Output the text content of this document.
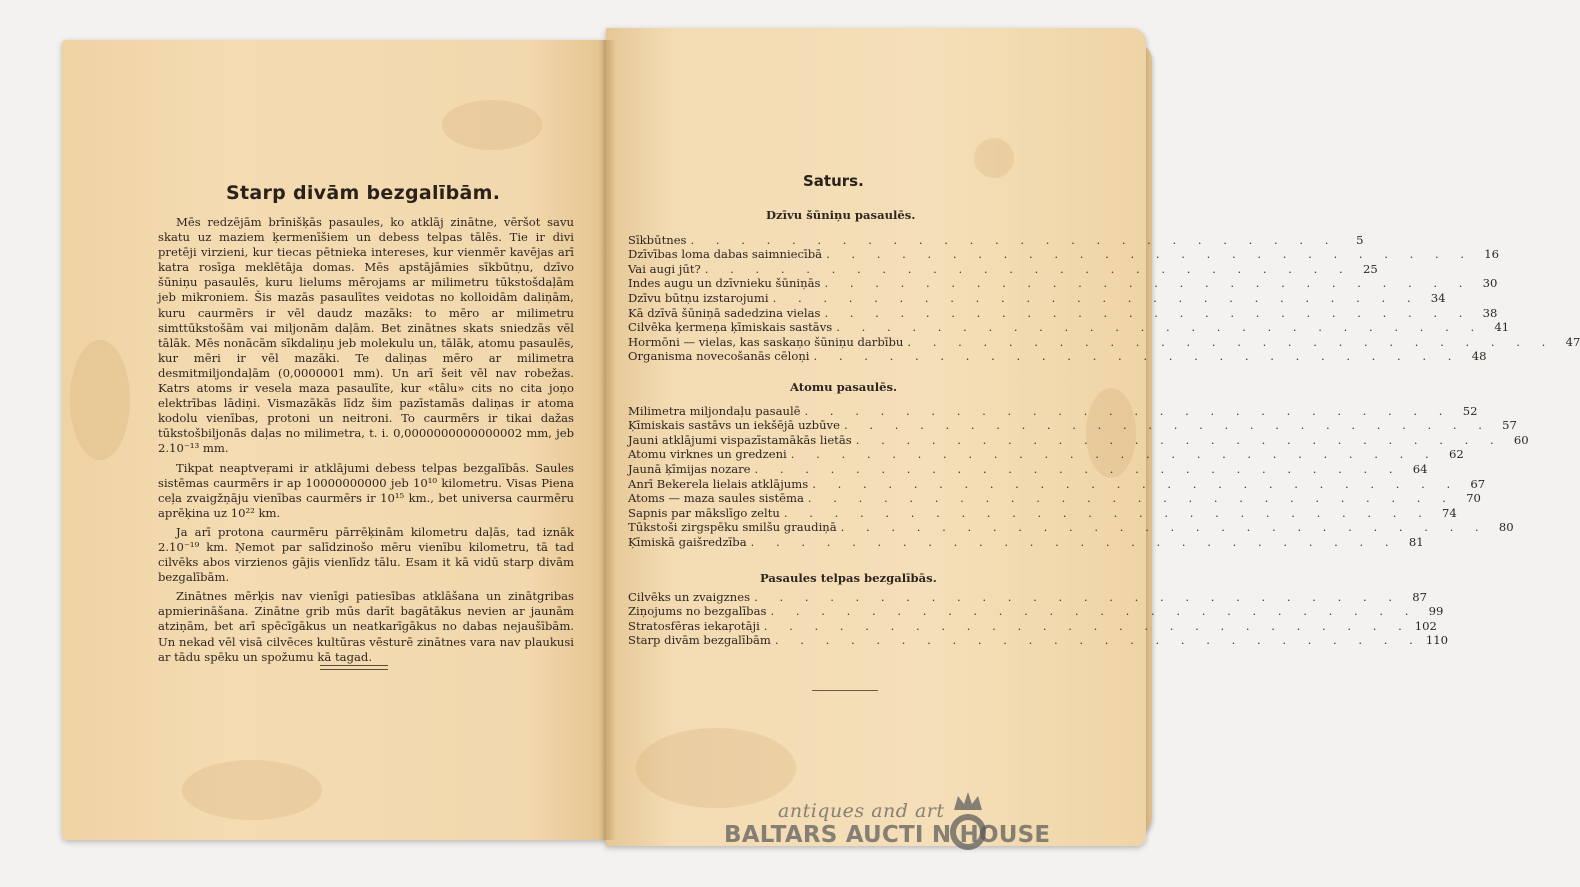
Starp divām bezgalībām.

Mēs redzējām brīnišķās pasaules, ko atklāj zinātne, vēršot savu skatu uz maziem ķermenīšiem un debess telpas tālēs. Tie ir divi pretēji virzieni, kur tiecas pētnieka intereses, kur vienmēr kavējas arī katra rosīga meklētāja domas. Mēs apstājāmies sīkbūtņu, dzīvo šūniņu pasaulēs, kuru lielums mērojams ar milimetru tūkstošdaļām jeb mikroniem. Šis mazās pasaulītes veidotas no kolloidām daliņām, kuru caurmērs ir vēl daudz mazāks: to mēro ar milimetru simttūkstošām vai miljonām daļām. Bet zinātnes skats sniedzās vēl tālāk. Mēs nonācām sīkdaliņu jeb molekulu un, tālāk, atomu pasaulēs, kur mēri ir vēl mazāki. Te daliņas mēro ar milimetra desmitmiljondaļām (0,0000001 mm). Un arī šeit vēl nav robežas. Katrs atoms ir vesela maza pasaulīte, kur «tālu» cits no cita joņo elektrības lādiņi. Vismazākās līdz šim pazīstamās daliņas ir atoma kodolu vienības, protoni un neitroni. To caurmērs ir tikai dažas tūkstošbiljonās daļas no milimetra, t. i. 0,0000000000000002 mm, jeb 2.10⁻¹³ mm.

Tikpat neaptveŗami ir atklājumi debess telpas bezgalībās. Saules sistēmas caurmērs ir ap 10000000000 jeb 10¹⁰ kilometru. Visas Piena ceļa zvaigžņāju vienības caurmērs ir 10¹⁵ km., bet universa caurmēru aprēķina uz 10²² km.

Ja arī protona caurmēru pārrēķinām kilometru daļās, tad iznāk 2.10⁻¹⁹ km. Ņemot par salīdzinošo mēru vienību kilometru, tā tad cilvēks abos virzienos gājis vienlīdz tālu. Esam it kā vidū starp divām bezgalībām.

Zinātnes mērķis nav vienīgi patiesības atklāšana un zinātgribas apmierināšana. Zinātne grib mūs darīt bagātākus nevien ar jaunām atziņām, bet arī spēcīgākus un neatkarīgākus no dabas nejaušībām. Un nekad vēl visā cilvēces kultūras vēsturē zinātnes vara nav plaukusi ar tādu spēku un spožumu kā tagad.

Saturs.
Dzīvu šūniņu pasaulēs.
Sīkbūtnes . . . . . . . . . . . . . . . . . . . . . . . . . .	5
Dzīvības loma dabas saimniecībā . . . . . . . . . . . . . . . . . . . . . . . . . . 16
Vai augi jūt? . . . . . . . . . . . . . . . . . . . . . . . . . . 25
Indes augu un dzīvnieku šūniņās . . . . . . . . . . . . . . . . . . . . . . . . . . 30
Dzīvu būtņu izstarojumi . . . . . . . . . . . . . . . . . . . . . . . . . . 34
Kā dzīvā šūniņā sadedzina vielas . . . . . . . . . . . . . . . . . . . . . . . . . . 38
Cilvēka ķermeņa ķīmiskais sastāvs . . . . . . . . . . . . . . . . . . . . . . . . . . 41
Hormōni — vielas, kas saskaņo šūniņu darbību . . . . . . . . . . . . . . . . . . . . . . . . . . 47
Organisma novecošanās cēloņi . . . . . . . . . . . . . . . . . . . . . . . . . . 48
Atomu pasaulēs.
Milimetra miljondaļu pasaulē . . . . . . . . . . . . . . . . . . . . . . . . . . 52
Ķīmiskais sastāvs un iekšējā uzbūve . . . . . . . . . . . . . . . . . . . . . . . . . . 57
Jauni atklājumi vispazīstamākās lietās . . . . . . . . . . . . . . . . . . . . . . . . . . 60
Atomu virknes un gredzeni . . . . . . . . . . . . . . . . . . . . . . . . . . 62
Jaunā ķīmijas nozare . . . . . . . . . . . . . . . . . . . . . . . . . . 64
Anrī Bekerela lielais atklājums . . . . . . . . . . . . . . . . . . . . . . . . . . 67
Atoms — maza saules sistēma . . . . . . . . . . . . . . . . . . . . . . . . . . 70
Sapnis par mākslīgo zeltu . . . . . . . . . . . . . . . . . . . . . . . . . . 74
Tūkstoši zirgspēku smilšu graudiņā . . . . . . . . . . . . . . . . . . . . . . . . . . 80
Ķīmiskā gaišredzība . . . . . . . . . . . . . . . . . . . . . . . . . . 81
Pasaules telpas bezgalībās.
Cilvēks un zvaigznes . . . . . . . . . . . . . . . . . . . . . . . . . . 87
Ziņojums no bezgalības . . . . . . . . . . . . . . . . . . . . . . . . . . 99
Stratosfēras iekaŗotāji . . . . . . . . . . . . . . . . . . . . . . . . . . 102
Starp divām bezgalībām . . . . . . . . . . . . . . . . . . . . . . . . . . 110
antiques and art
BALTARS AUCTI N HOUSE
